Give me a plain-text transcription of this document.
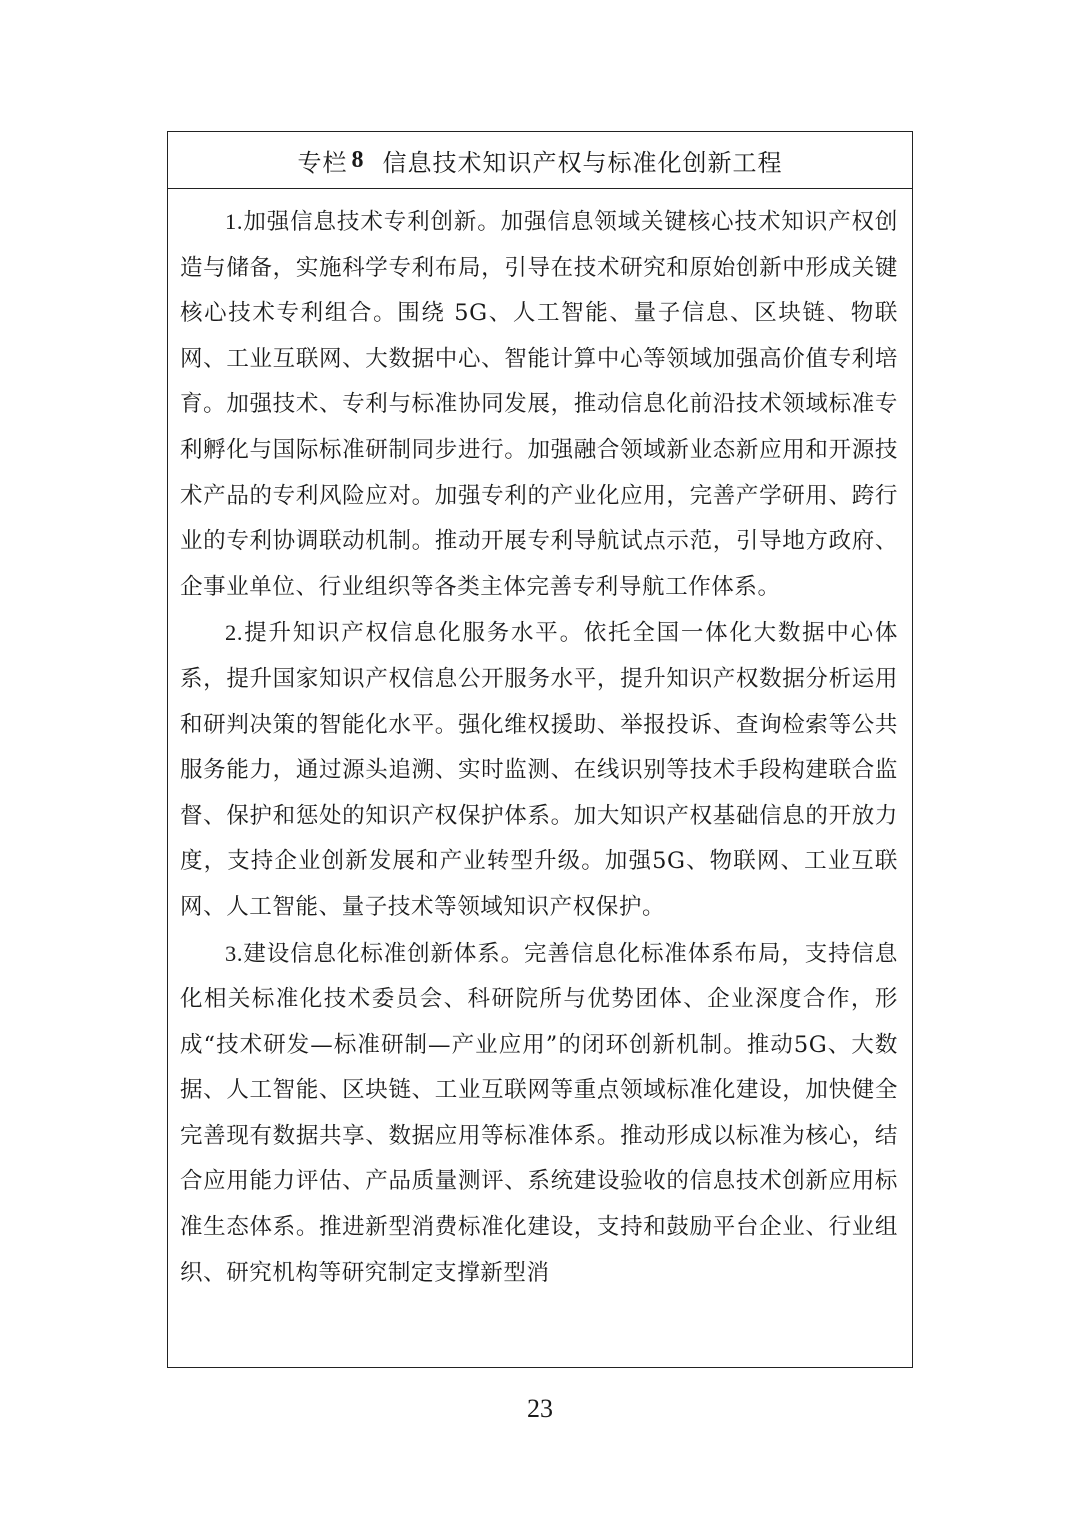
专栏 8 信息技术知识产权与标准化创新工程

1.加强信息技术专利创新。加强信息领域关键核心技术知识产权创造与储备，实施科学专利布局，引导在技术研究和原始创新中形成关键核心技术专利组合。围绕 5G、人工智能、量子信息、区块链、物联网、工业互联网、大数据中心、智能计算中心等领域加强高价值专利培育。加强技术、专利与标准协同发展，推动信息化前沿技术领域标准专利孵化与国际标准研制同步进行。加强融合领域新业态新应用和开源技术产品的专利风险应对。加强专利的产业化应用，完善产学研用、跨行业的专利协调联动机制。推动开展专利导航试点示范，引导地方政府、企事业单位、行业组织等各类主体完善专利导航工作体系。

2.提升知识产权信息化服务水平。依托全国一体化大数据中心体系，提升国家知识产权信息公开服务水平，提升知识产权数据分析运用和研判决策的智能化水平。强化维权援助、举报投诉、查询检索等公共服务能力，通过源头追溯、实时监测、在线识别等技术手段构建联合监督、保护和惩处的知识产权保护体系。加大知识产权基础信息的开放力度，支持企业创新发展和产业转型升级。加强5G、物联网、工业互联网、人工智能、量子技术等领域知识产权保护。

3.建设信息化标准创新体系。完善信息化标准体系布局，支持信息化相关标准化技术委员会、科研院所与优势团体、企业深度合作，形成“技术研发—标准研制—产业应用”的闭环创新机制。推动5G、大数据、人工智能、区块链、工业互联网等重点领域标准化建设，加快健全完善现有数据共享、数据应用等标准体系。推动形成以标准为核心，结合应用能力评估、产品质量测评、系统建设验收的信息技术创新应用标准生态体系。推进新型消费标准化建设，支持和鼓励平台企业、行业组织、研究机构等研究制定支撑新型消

23
